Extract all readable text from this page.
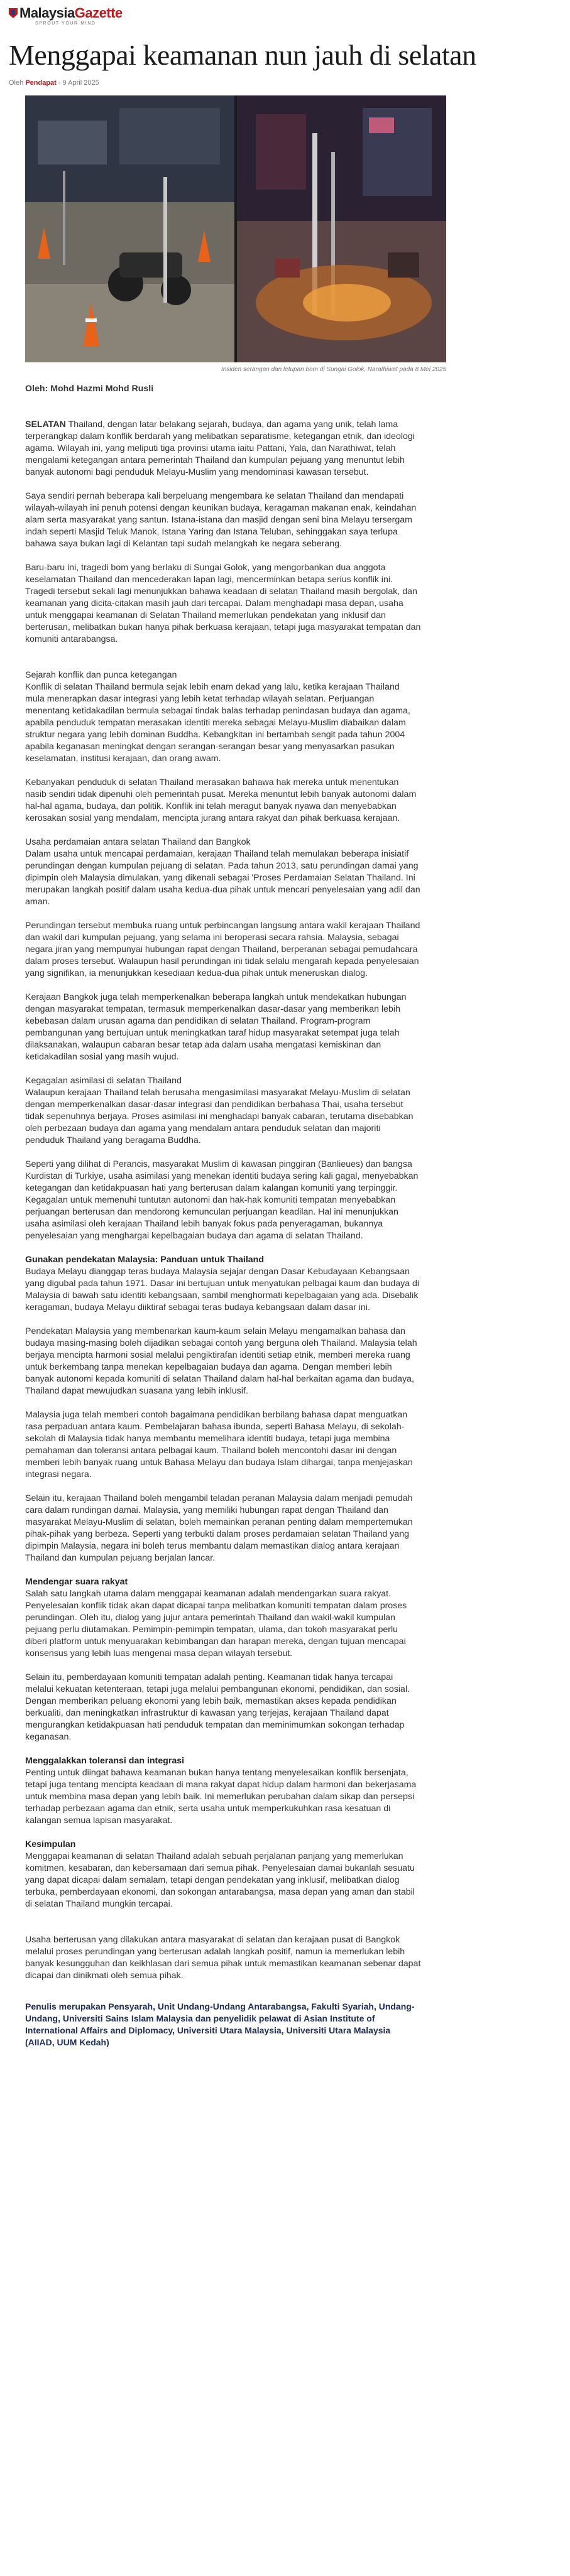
Malaysia Gazette
SPROUT YOUR MIND
Menggapai keamanan nun jauh di selatan
Oleh Pendapat - 9 April 2025
Insiden serangan dan letupan bom di Sungai Golok, Narathiwat pada 8 Mei 2025
Oleh: Mohd Hazmi Mohd Rusli

SELATAN Thailand, dengan latar belakang sejarah, budaya, dan agama yang unik, telah lama terperangkap dalam konflik berdarah yang melibatkan separatisme, ketegangan etnik, dan ideologi agama. Wilayah ini, yang meliputi tiga provinsi utama iaitu Pattani, Yala, dan Narathiwat, telah mengalami ketegangan antara pemerintah Thailand dan kumpulan pejuang yang menuntut lebih banyak autonomi bagi penduduk Melayu-Muslim yang mendominasi kawasan tersebut.

Saya sendiri pernah beberapa kali berpeluang mengembara ke selatan Thailand dan mendapati wilayah-wilayah ini penuh potensi dengan keunikan budaya, keragaman makanan enak, keindahan alam serta masyarakat yang santun. Istana-istana dan masjid dengan seni bina Melayu tersergam indah seperti Masjid Teluk Manok, Istana Yaring dan Istana Teluban, sehinggakan saya terlupa bahawa saya bukan lagi di Kelantan tapi sudah melangkah ke negara seberang.

Baru-baru ini, tragedi bom yang berlaku di Sungai Golok, yang mengorbankan dua anggota keselamatan Thailand dan mencederakan lapan lagi, mencerminkan betapa serius konflik ini. Tragedi tersebut sekali lagi menunjukkan bahawa keadaan di selatan Thailand masih bergolak, dan keamanan yang dicita-citakan masih jauh dari tercapai. Dalam menghadapi masa depan, usaha untuk menggapai keamanan di Selatan Thailand memerlukan pendekatan yang inklusif dan berterusan, melibatkan bukan hanya pihak berkuasa kerajaan, tetapi juga masyarakat tempatan dan komuniti antarabangsa.

Sejarah konflik dan punca ketegangan

Konflik di selatan Thailand bermula sejak lebih enam dekad yang lalu, ketika kerajaan Thailand mula menerapkan dasar integrasi yang lebih ketat terhadap wilayah selatan. Perjuangan menentang ketidakadilan bermula sebagai tindak balas terhadap penindasan budaya dan agama, apabila penduduk tempatan merasakan identiti mereka sebagai Melayu-Muslim diabaikan dalam struktur negara yang lebih dominan Buddha. Kebangkitan ini bertambah sengit pada tahun 2004 apabila keganasan meningkat dengan serangan-serangan besar yang menyasarkan pasukan keselamatan, institusi kerajaan, dan orang awam.

Kebanyakan penduduk di selatan Thailand merasakan bahawa hak mereka untuk menentukan nasib sendiri tidak dipenuhi oleh pemerintah pusat. Mereka menuntut lebih banyak autonomi dalam hal-hal agama, budaya, dan politik. Konflik ini telah meragut banyak nyawa dan menyebabkan kerosakan sosial yang mendalam, mencipta jurang antara rakyat dan pihak berkuasa kerajaan.

Usaha perdamaian antara selatan Thailand dan Bangkok

Dalam usaha untuk mencapai perdamaian, kerajaan Thailand telah memulakan beberapa inisiatif perundingan dengan kumpulan pejuang di selatan. Pada tahun 2013, satu perundingan damai yang dipimpin oleh Malaysia dimulakan, yang dikenali sebagai 'Proses Perdamaian Selatan Thailand. Ini merupakan langkah positif dalam usaha kedua-dua pihak untuk mencari penyelesaian yang adil dan aman.

Perundingan tersebut membuka ruang untuk perbincangan langsung antara wakil kerajaan Thailand dan wakil dari kumpulan pejuang, yang selama ini beroperasi secara rahsia. Malaysia, sebagai negara jiran yang mempunyai hubungan rapat dengan Thailand, berperanan sebagai pemudahcara dalam proses tersebut. Walaupun hasil perundingan ini tidak selalu mengarah kepada penyelesaian yang signifikan, ia menunjukkan kesediaan kedua-dua pihak untuk meneruskan dialog.

Kerajaan Bangkok juga telah memperkenalkan beberapa langkah untuk mendekatkan hubungan dengan masyarakat tempatan, termasuk memperkenalkan dasar-dasar yang memberikan lebih kebebasan dalam urusan agama dan pendidikan di selatan Thailand. Program-program pembangunan yang bertujuan untuk meningkatkan taraf hidup masyarakat setempat juga telah dilaksanakan, walaupun cabaran besar tetap ada dalam usaha mengatasi kemiskinan dan ketidakadilan sosial yang masih wujud.

Kegagalan asimilasi di selatan Thailand

Walaupun kerajaan Thailand telah berusaha mengasimilasi masyarakat Melayu-Muslim di selatan dengan memperkenalkan dasar-dasar integrasi dan pendidikan berbahasa Thai, usaha tersebut tidak sepenuhnya berjaya. Proses asimilasi ini menghadapi banyak cabaran, terutama disebabkan oleh perbezaan budaya dan agama yang mendalam antara penduduk selatan dan majoriti penduduk Thailand yang beragama Buddha.

Seperti yang dilihat di Perancis, masyarakat Muslim di kawasan pinggiran (Banlieues) dan bangsa Kurdistan di Turkiye, usaha asimilasi yang menekan identiti budaya sering kali gagal, menyebabkan ketegangan dan ketidakpuasan hati yang berterusan dalam kalangan komuniti yang terpinggir. Kegagalan untuk memenuhi tuntutan autonomi dan hak-hak komuniti tempatan menyebabkan perjuangan berterusan dan mendorong kemunculan perjuangan keadilan. Hal ini menunjukkan usaha asimilasi oleh kerajaan Thailand lebih banyak fokus pada penyeragaman, bukannya penyelesaian yang menghargai kepelbagaian budaya dan agama di selatan Thailand.

Gunakan pendekatan Malaysia: Panduan untuk Thailand

Budaya Melayu dianggap teras budaya Malaysia sejajar dengan Dasar Kebudayaan Kebangsaan yang digubal pada tahun 1971. Dasar ini bertujuan untuk menyatukan pelbagai kaum dan budaya di Malaysia di bawah satu identiti kebangsaan, sambil menghormati kepelbagaian yang ada. Disebalik keragaman, budaya Melayu diiktiraf sebagai teras budaya kebangsaan dalam dasar ini.

Pendekatan Malaysia yang membenarkan kaum-kaum selain Melayu mengamalkan bahasa dan budaya masing-masing boleh dijadikan sebagai contoh yang berguna oleh Thailand. Malaysia telah berjaya mencipta harmoni sosial melalui pengiktirafan identiti setiap etnik, memberi mereka ruang untuk berkembang tanpa menekan kepelbagaian budaya dan agama. Dengan memberi lebih banyak autonomi kepada komuniti di selatan Thailand dalam hal-hal berkaitan agama dan budaya, Thailand dapat mewujudkan suasana yang lebih inklusif.

Malaysia juga telah memberi contoh bagaimana pendidikan berbilang bahasa dapat menguatkan rasa perpaduan antara kaum. Pembelajaran bahasa ibunda, seperti Bahasa Melayu, di sekolah-sekolah di Malaysia tidak hanya membantu memelihara identiti budaya, tetapi juga membina pemahaman dan toleransi antara pelbagai kaum. Thailand boleh mencontohi dasar ini dengan memberi lebih banyak ruang untuk Bahasa Melayu dan budaya Islam dihargai, tanpa menjejaskan integrasi negara.

Selain itu, kerajaan Thailand boleh mengambil teladan peranan Malaysia dalam menjadi pemudah cara dalam rundingan damai. Malaysia, yang memiliki hubungan rapat dengan Thailand dan masyarakat Melayu-Muslim di selatan, boleh memainkan peranan penting dalam mempertemukan pihak-pihak yang berbeza. Seperti yang terbukti dalam proses perdamaian selatan Thailand yang dipimpin Malaysia, negara ini boleh terus membantu dalam memastikan dialog antara kerajaan Thailand dan kumpulan pejuang berjalan lancar.

Mendengar suara rakyat

Salah satu langkah utama dalam menggapai keamanan adalah mendengarkan suara rakyat. Penyelesaian konflik tidak akan dapat dicapai tanpa melibatkan komuniti tempatan dalam proses perundingan. Oleh itu, dialog yang jujur antara pemerintah Thailand dan wakil-wakil kumpulan pejuang perlu diutamakan. Pemimpin-pemimpin tempatan, ulama, dan tokoh masyarakat perlu diberi platform untuk menyuarakan kebimbangan dan harapan mereka, dengan tujuan mencapai konsensus yang lebih luas mengenai masa depan wilayah tersebut.

Selain itu, pemberdayaan komuniti tempatan adalah penting. Keamanan tidak hanya tercapai melalui kekuatan ketenteraan, tetapi juga melalui pembangunan ekonomi, pendidikan, dan sosial. Dengan memberikan peluang ekonomi yang lebih baik, memastikan akses kepada pendidikan berkualiti, dan meningkatkan infrastruktur di kawasan yang terjejas, kerajaan Thailand dapat mengurangkan ketidakpuasan hati penduduk tempatan dan meminimumkan sokongan terhadap keganasan.

Menggalakkan toleransi dan integrasi

Penting untuk diingat bahawa keamanan bukan hanya tentang menyelesaikan konflik bersenjata, tetapi juga tentang mencipta keadaan di mana rakyat dapat hidup dalam harmoni dan bekerjasama untuk membina masa depan yang lebih baik. Ini memerlukan perubahan dalam sikap dan persepsi terhadap perbezaan agama dan etnik, serta usaha untuk memperkukuhkan rasa kesatuan di kalangan semua lapisan masyarakat.

Kesimpulan

Menggapai keamanan di selatan Thailand adalah sebuah perjalanan panjang yang memerlukan komitmen, kesabaran, dan kebersamaan dari semua pihak. Penyelesaian damai bukanlah sesuatu yang dapat dicapai dalam semalam, tetapi dengan pendekatan yang inklusif, melibatkan dialog terbuka, pemberdayaan ekonomi, dan sokongan antarabangsa, masa depan yang aman dan stabil di selatan Thailand mungkin tercapai.

Usaha berterusan yang dilakukan antara masyarakat di selatan dan kerajaan pusat di Bangkok melalui proses perundingan yang berterusan adalah langkah positif, namun ia memerlukan lebih banyak kesungguhan dan keikhlasan dari semua pihak untuk memastikan keamanan sebenar dapat dicapai dan dinikmati oleh semua pihak.

Penulis merupakan Pensyarah, Unit Undang-Undang Antarabangsa, Fakulti Syariah, Undang-Undang, Universiti Sains Islam Malaysia dan penyelidik pelawat di Asian Institute of International Affairs and Diplomacy, Universiti Utara Malaysia, Universiti Utara Malaysia (AIIAD, UUM Kedah)
